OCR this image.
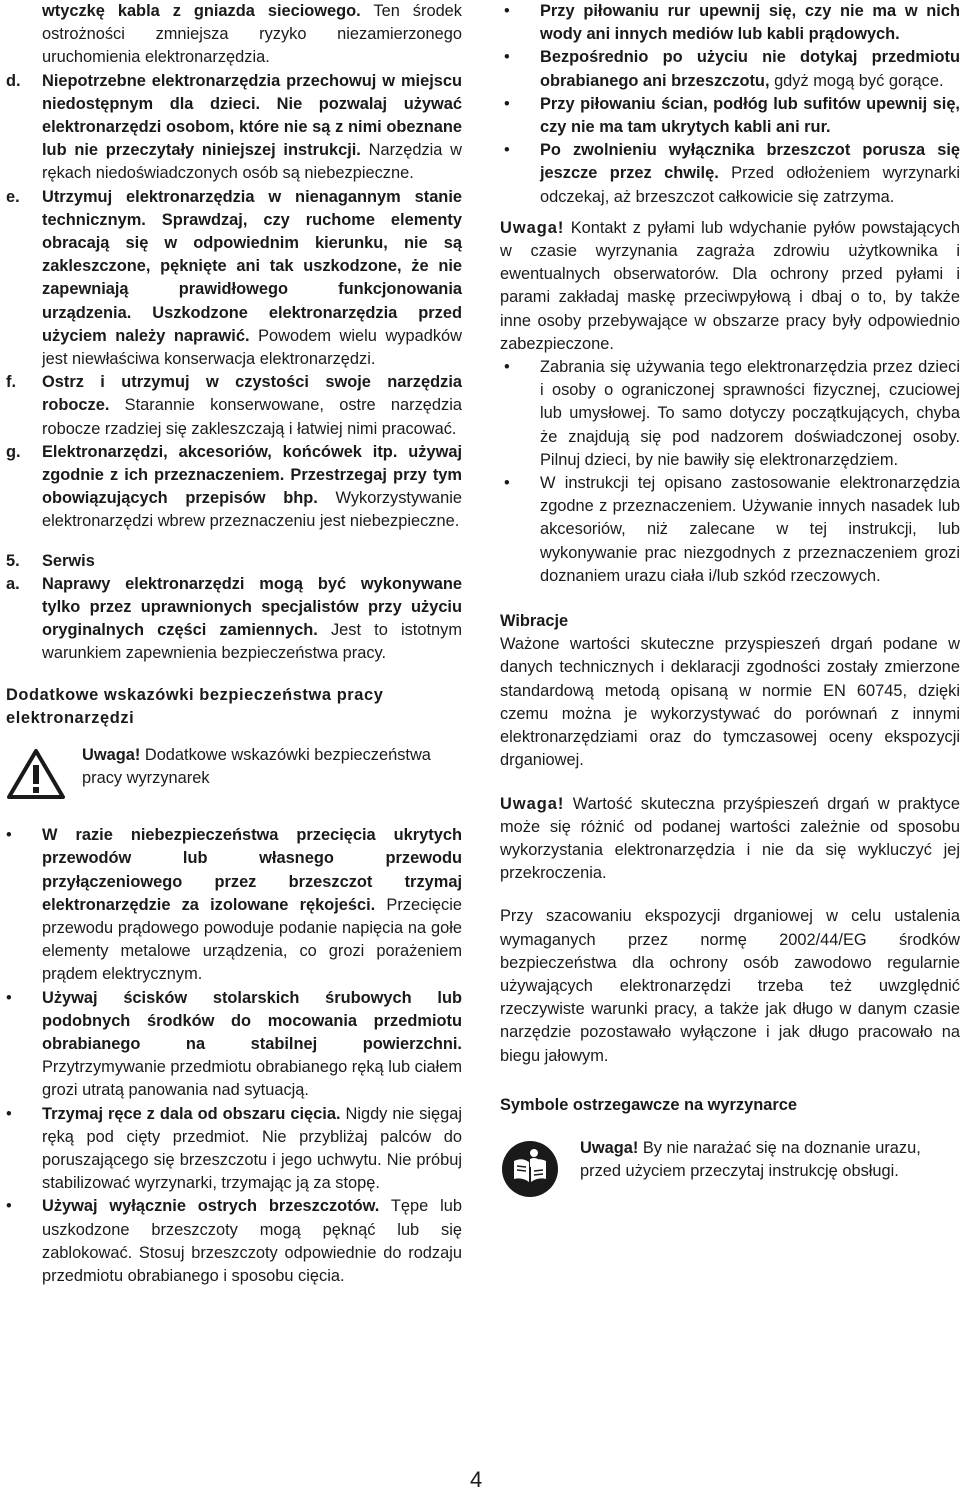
wtyczkę kabla z gniazda sieciowego. Ten środek ostrożności zmniejsza ryzyko niezamierzonego uruchomienia elektronarzędzia.
d. Niepotrzebne elektronarzędzia przechowuj w miejscu niedostępnym dla dzieci. Nie pozwalaj używać elektronarzędzi osobom, które nie są z nimi obeznane lub nie przeczytały niniejszej instrukcji. Narzędzia w rękach niedoświadczonych osób są niebezpieczne.
e. Utrzymuj elektronarzędzia w nienagannym stanie technicznym. Sprawdzaj, czy ruchome elementy obracają się w odpowiednim kierunku, nie są zakleszczone, pęknięte ani tak uszkodzone, że nie zapewniają prawidłowego funkcjonowania urządzenia. Uszkodzone elektronarzędzia przed użyciem należy naprawić. Powodem wielu wypadków jest niewłaściwa konserwacja elektronarzędzi.
f. Ostrz i utrzymuj w czystości swoje narzędzia robocze. Starannie konserwowane, ostre narzędzia robocze rzadziej się zakleszczają i łatwiej nimi pracować.
g. Elektronarzędzi, akcesoriów, końcówek itp. używaj zgodnie z ich przeznaczeniem. Przestrzegaj przy tym obowiązujących przepisów bhp. Wykorzystywanie elektronarzędzi wbrew przeznaczeniu jest niebezpieczne.
5. Serwis
a. Naprawy elektronarzędzi mogą być wykonywane tylko przez uprawnionych specjalistów przy użyciu oryginalnych części zamiennych. Jest to istotnym warunkiem zapewnienia bezpieczeństwa pracy.
Dodatkowe wskazówki bezpieczeństwa pracy elektronarzędzi
Uwaga! Dodatkowe wskazówki bezpieczeństwa pracy wyrzynarek
• W razie niebezpieczeństwa przecięcia ukrytych przewodów lub własnego przewodu przyłączeniowego przez brzeszczot trzymaj elektronarzędzie za izolowane rękojeści. Przecięcie przewodu prądowego powoduje podanie napięcia na gołe elementy metalowe urządzenia, co grozi porażeniem prądem elektrycznym.
• Używaj ścisków stolarskich śrubowych lub podobnych środków do mocowania przedmiotu obrabianego na stabilnej powierzchni. Przytrzymywanie przedmiotu obrabianego ręką lub ciałem grozi utratą panowania nad sytuacją.
• Trzymaj ręce z dala od obszaru cięcia. Nigdy nie sięgaj ręką pod cięty przedmiot. Nie przybliżaj palców do poruszającego się brzeszczotu i jego uchwytu. Nie próbuj stabilizować wyrzynarki, trzymając ją za stopę.
• Używaj wyłącznie ostrych brzeszczotów. Tępe lub uszkodzone brzeszczoty mogą pęknąć lub się zablokować. Stosuj brzeszczoty odpowiednie do rodzaju przedmiotu obrabianego i sposobu cięcia.
• Przy piłowaniu rur upewnij się, czy nie ma w nich wody ani innych mediów lub kabli prądowych.
• Bezpośrednio po użyciu nie dotykaj przedmiotu obrabianego ani brzeszczotu, gdyż mogą być gorące.
• Przy piłowaniu ścian, podłóg lub sufitów upewnij się, czy nie ma tam ukrytych kabli ani rur.
• Po zwolnieniu wyłącznika brzeszczot porusza się jeszcze przez chwilę. Przed odłożeniem wyrzynarki odczekaj, aż brzeszczot całkowicie się zatrzyma.

Uwaga! Kontakt z pyłami lub wdychanie pyłów powstających w czasie wyrzynania zagraża zdrowiu użytkownika i ewentualnych obserwatorów. Dla ochrony przed pyłami i parami zakładaj maskę przeciwpyłową i dbaj o to, by także inne osoby przebywające w obszarze pracy były odpowiednio zabezpieczone.

• Zabrania się używania tego elektronarzędzia przez dzieci i osoby o ograniczonej sprawności fizycznej, czuciowej lub umysłowej. To samo dotyczy początkujących, chyba że znajdują się pod nadzorem doświadczonej osoby. Pilnuj dzieci, by nie bawiły się elektronarzędziem.
• W instrukcji tej opisano zastosowanie elektronarzędzia zgodne z przeznaczeniem. Używanie innych nasadek lub akcesoriów, niż zalecane w tej instrukcji, lub wykonywanie prac niezgodnych z przeznaczeniem grozi doznaniem urazu ciała i/lub szkód rzeczowych.
Wibracje

Ważone wartości skuteczne przyspieszeń drgań podane w danych technicznych i deklaracji zgodności zostały zmierzone standardową metodą opisaną w normie EN 60745, dzięki czemu można je wykorzystywać do porównań z innymi elektronarzędziami oraz do tymczasowej oceny ekspozycji drganiowej.

Uwaga! Wartość skuteczna przyśpieszeń drgań w praktyce może się różnić od podanej wartości zależnie od sposobu wykorzystania elektronarzędzia i nie da się wykluczyć jej przekroczenia.

Przy szacowaniu ekspozycji drganiowej w celu ustalenia wymaganych przez normę 2002/44/EG środków bezpieczeństwa dla ochrony osób zawodowo regularnie używających elektronarzędzi trzeba też uwzględnić rzeczywiste warunki pracy, a także jak długo w danym czasie narzędzie pozostawało wyłączone i jak długo pracowało na biegu jałowym.

Symbole ostrzegawcze na wyrzynarce
Uwaga! By nie narażać się na doznanie urazu, przed użyciem przeczytaj instrukcję obsługi.
4
